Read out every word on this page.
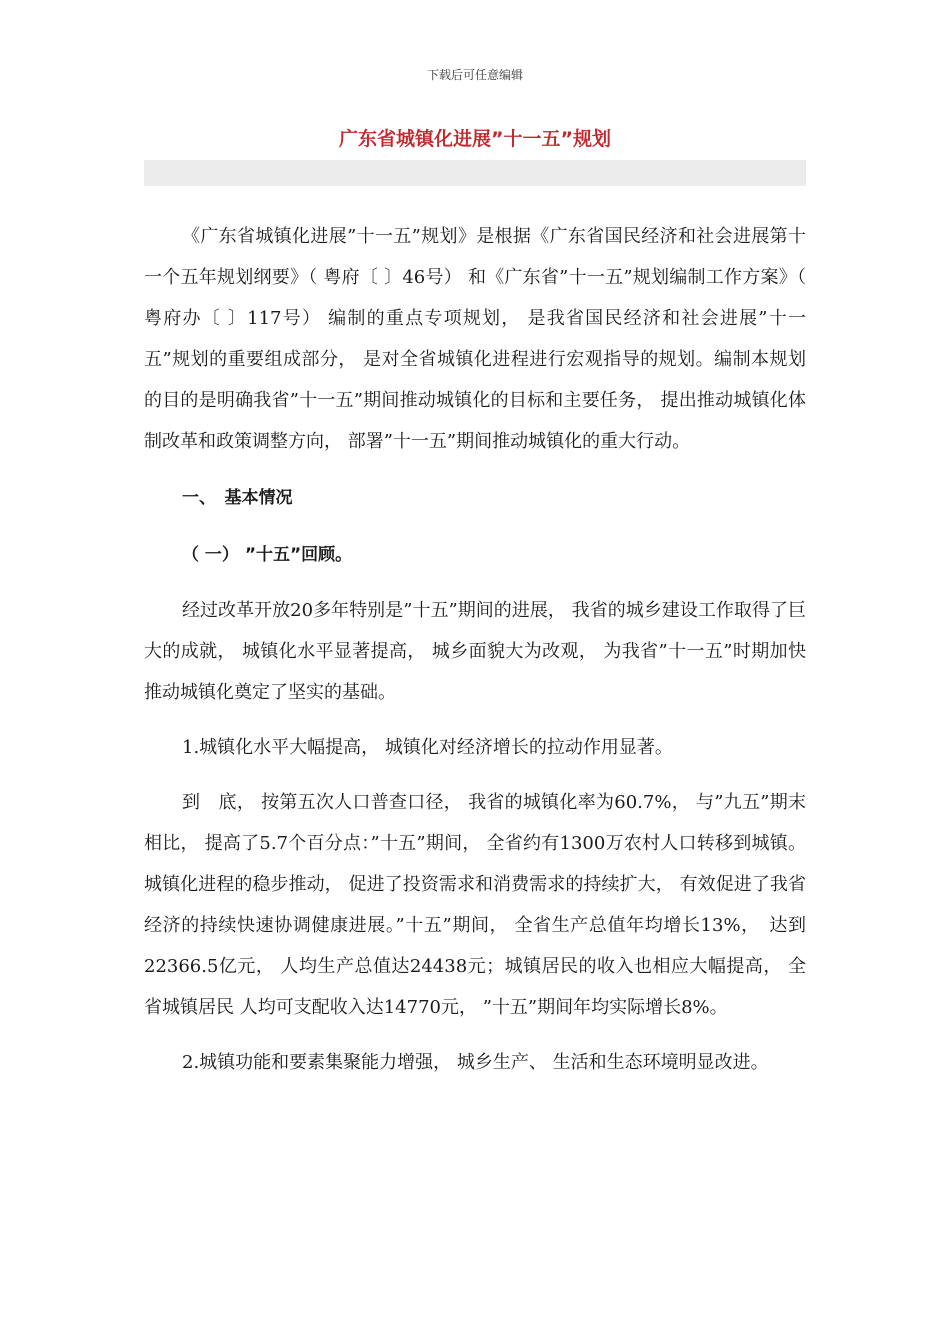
下载后可任意编辑
广东省城镇化进展”十一五”规划

《广东省城镇化进展”十一五”规划》是根据《广东省国民经济和社会进展第十一个五年规划纲要》（ 粤府〔 〕46号） 和《广东省”十一五”规划编制工作方案》（ 粤府办〔 〕117号） 编制的重点专项规划， 是我省国民经济和社会进展”十一五”规划的重要组成部分， 是对全省城镇化进程进行宏观指导的规划。编制本规划的目的是明确我省”十一五”期间推动城镇化的目标和主要任务， 提出推动城镇化体制改革和政策调整方向， 部署”十一五”期间推动城镇化的重大行动。

一、　基本情况

（ 一） ”十五”回顾。

经过改革开放20多年特别是”十五”期间的进展， 我省的城乡建设工作取得了巨大的成就， 城镇化水平显著提高， 城乡面貌大为改观， 为我省”十一五”时期加快推动城镇化奠定了坚实的基础。

1.城镇化水平大幅提高， 城镇化对经济增长的拉动作用显著。

到　底， 按第五次人口普查口径， 我省的城镇化率为60.7%， 与”九五”期末相比， 提高了5.7个百分点：”十五”期间， 全省约有1300万农村人口转移到城镇。城镇化进程的稳步推动， 促进了投资需求和消费需求的持续扩大， 有效促进了我省经济的持续快速协调健康进展。”十五”期间， 全省生产总值年均增长13%，　达到22366.5亿元， 人均生产总值达24438元；城镇居民的收入也相应大幅提高， 全省城镇居民 人均可支配收入达14770元， ”十五”期间年均实际增长8%。

2.城镇功能和要素集聚能力增强， 城乡生产、 生活和生态环境明显改进。
